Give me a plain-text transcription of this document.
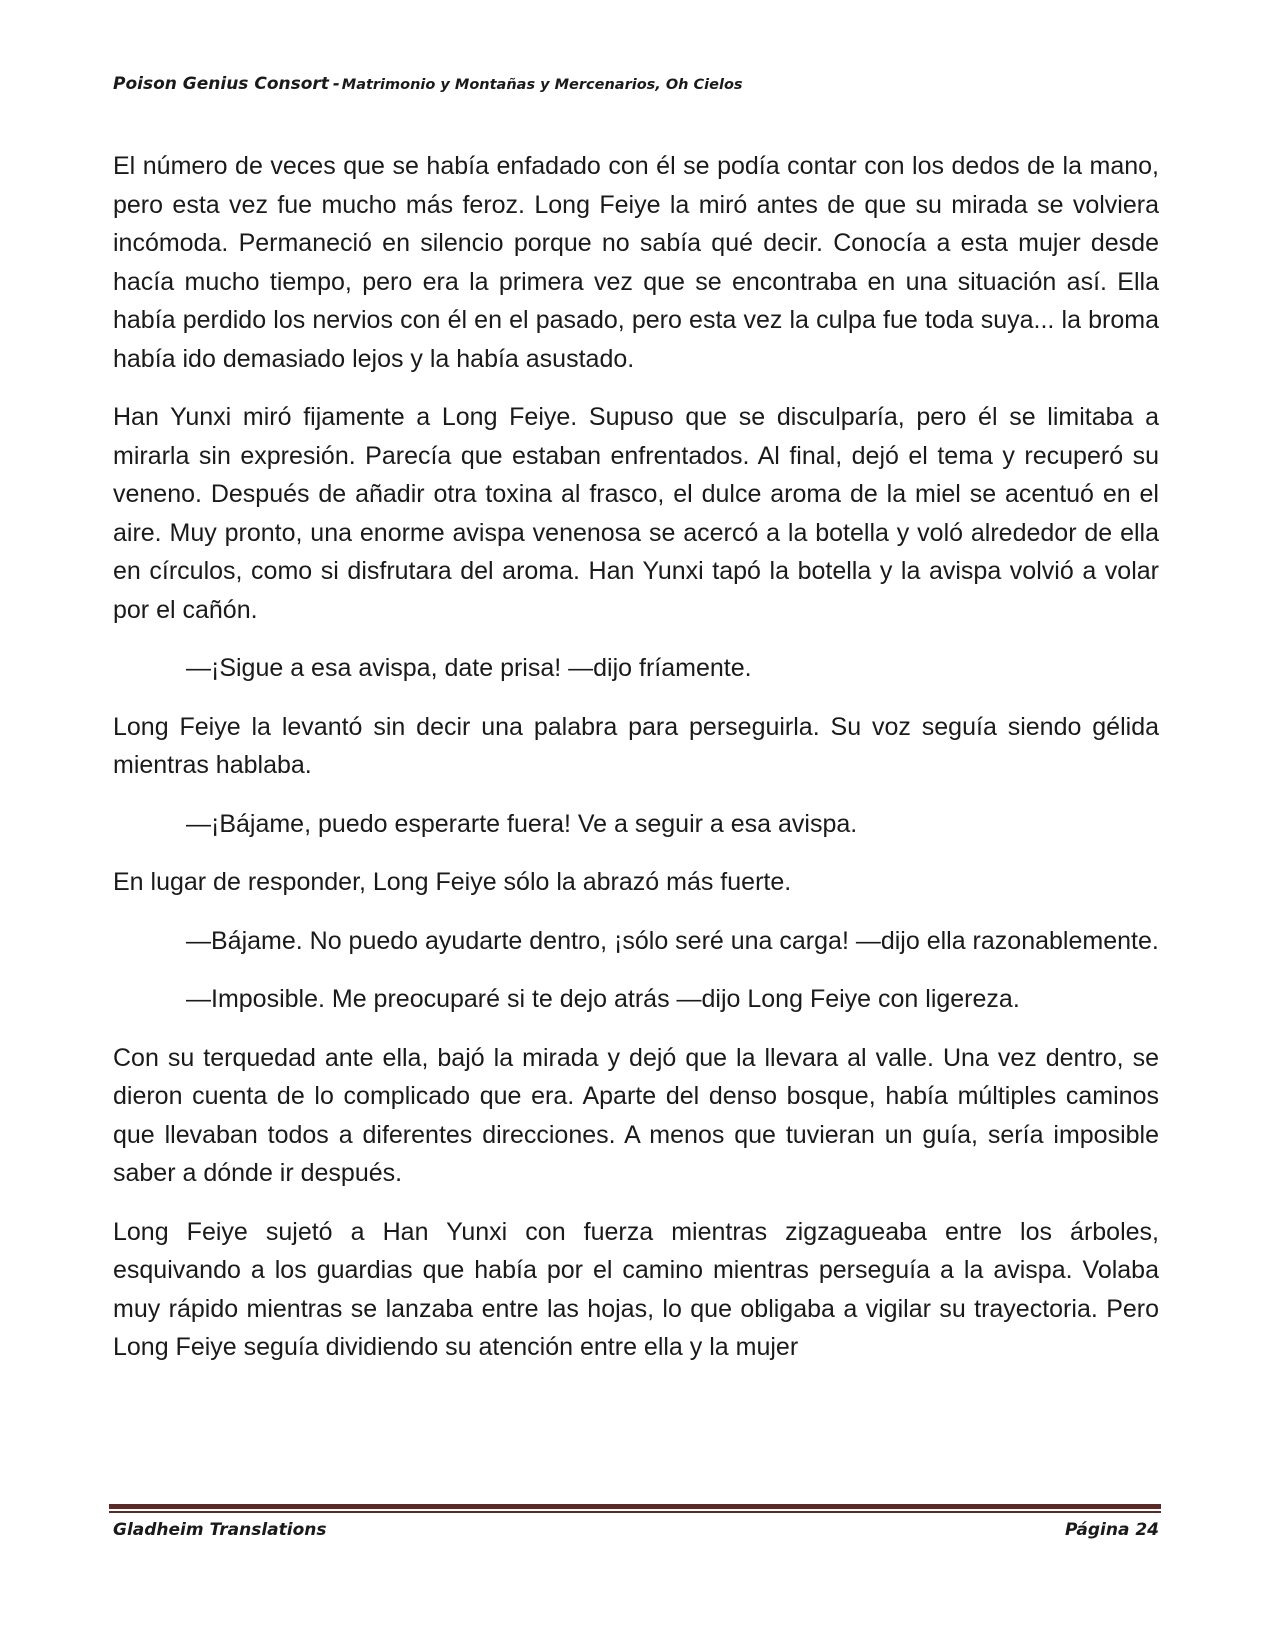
Poison Genius Consort - Matrimonio y Montañas y Mercenarios, Oh Cielos

El número de veces que se había enfadado con él se podía contar con los dedos de la mano, pero esta vez fue mucho más feroz. Long Feiye la miró antes de que su mirada se volviera incómoda. Permaneció en silencio porque no sabía qué decir. Conocía a esta mujer desde hacía mucho tiempo, pero era la primera vez que se encontraba en una situación así. Ella había perdido los nervios con él en el pasado, pero esta vez la culpa fue toda suya... la broma había ido demasiado lejos y la había asustado.

Han Yunxi miró fijamente a Long Feiye. Supuso que se disculparía, pero él se limitaba a mirarla sin expresión. Parecía que estaban enfrentados. Al final, dejó el tema y recuperó su veneno. Después de añadir otra toxina al frasco, el dulce aroma de la miel se acentuó en el aire. Muy pronto, una enorme avispa venenosa se acercó a la botella y voló alrededor de ella en círculos, como si disfrutara del aroma. Han Yunxi tapó la botella y la avispa volvió a volar por el cañón.

—¡Sigue a esa avispa, date prisa! —dijo fríamente.

Long Feiye la levantó sin decir una palabra para perseguirla. Su voz seguía siendo gélida mientras hablaba.

—¡Bájame, puedo esperarte fuera! Ve a seguir a esa avispa.

En lugar de responder, Long Feiye sólo la abrazó más fuerte.

—Bájame. No puedo ayudarte dentro, ¡sólo seré una carga! —dijo ella razonablemente.

—Imposible. Me preocuparé si te dejo atrás —dijo Long Feiye con ligereza.

Con su terquedad ante ella, bajó la mirada y dejó que la llevara al valle. Una vez dentro, se dieron cuenta de lo complicado que era. Aparte del denso bosque, había múltiples caminos que llevaban todos a diferentes direcciones. A menos que tuvieran un guía, sería imposible saber a dónde ir después.

Long Feiye sujetó a Han Yunxi con fuerza mientras zigzagueaba entre los árboles, esquivando a los guardias que había por el camino mientras perseguía a la avispa. Volaba muy rápido mientras se lanzaba entre las hojas, lo que obligaba a vigilar su trayectoria. Pero Long Feiye seguía dividiendo su atención entre ella y la mujer

Gladheim Translations	Página 24
